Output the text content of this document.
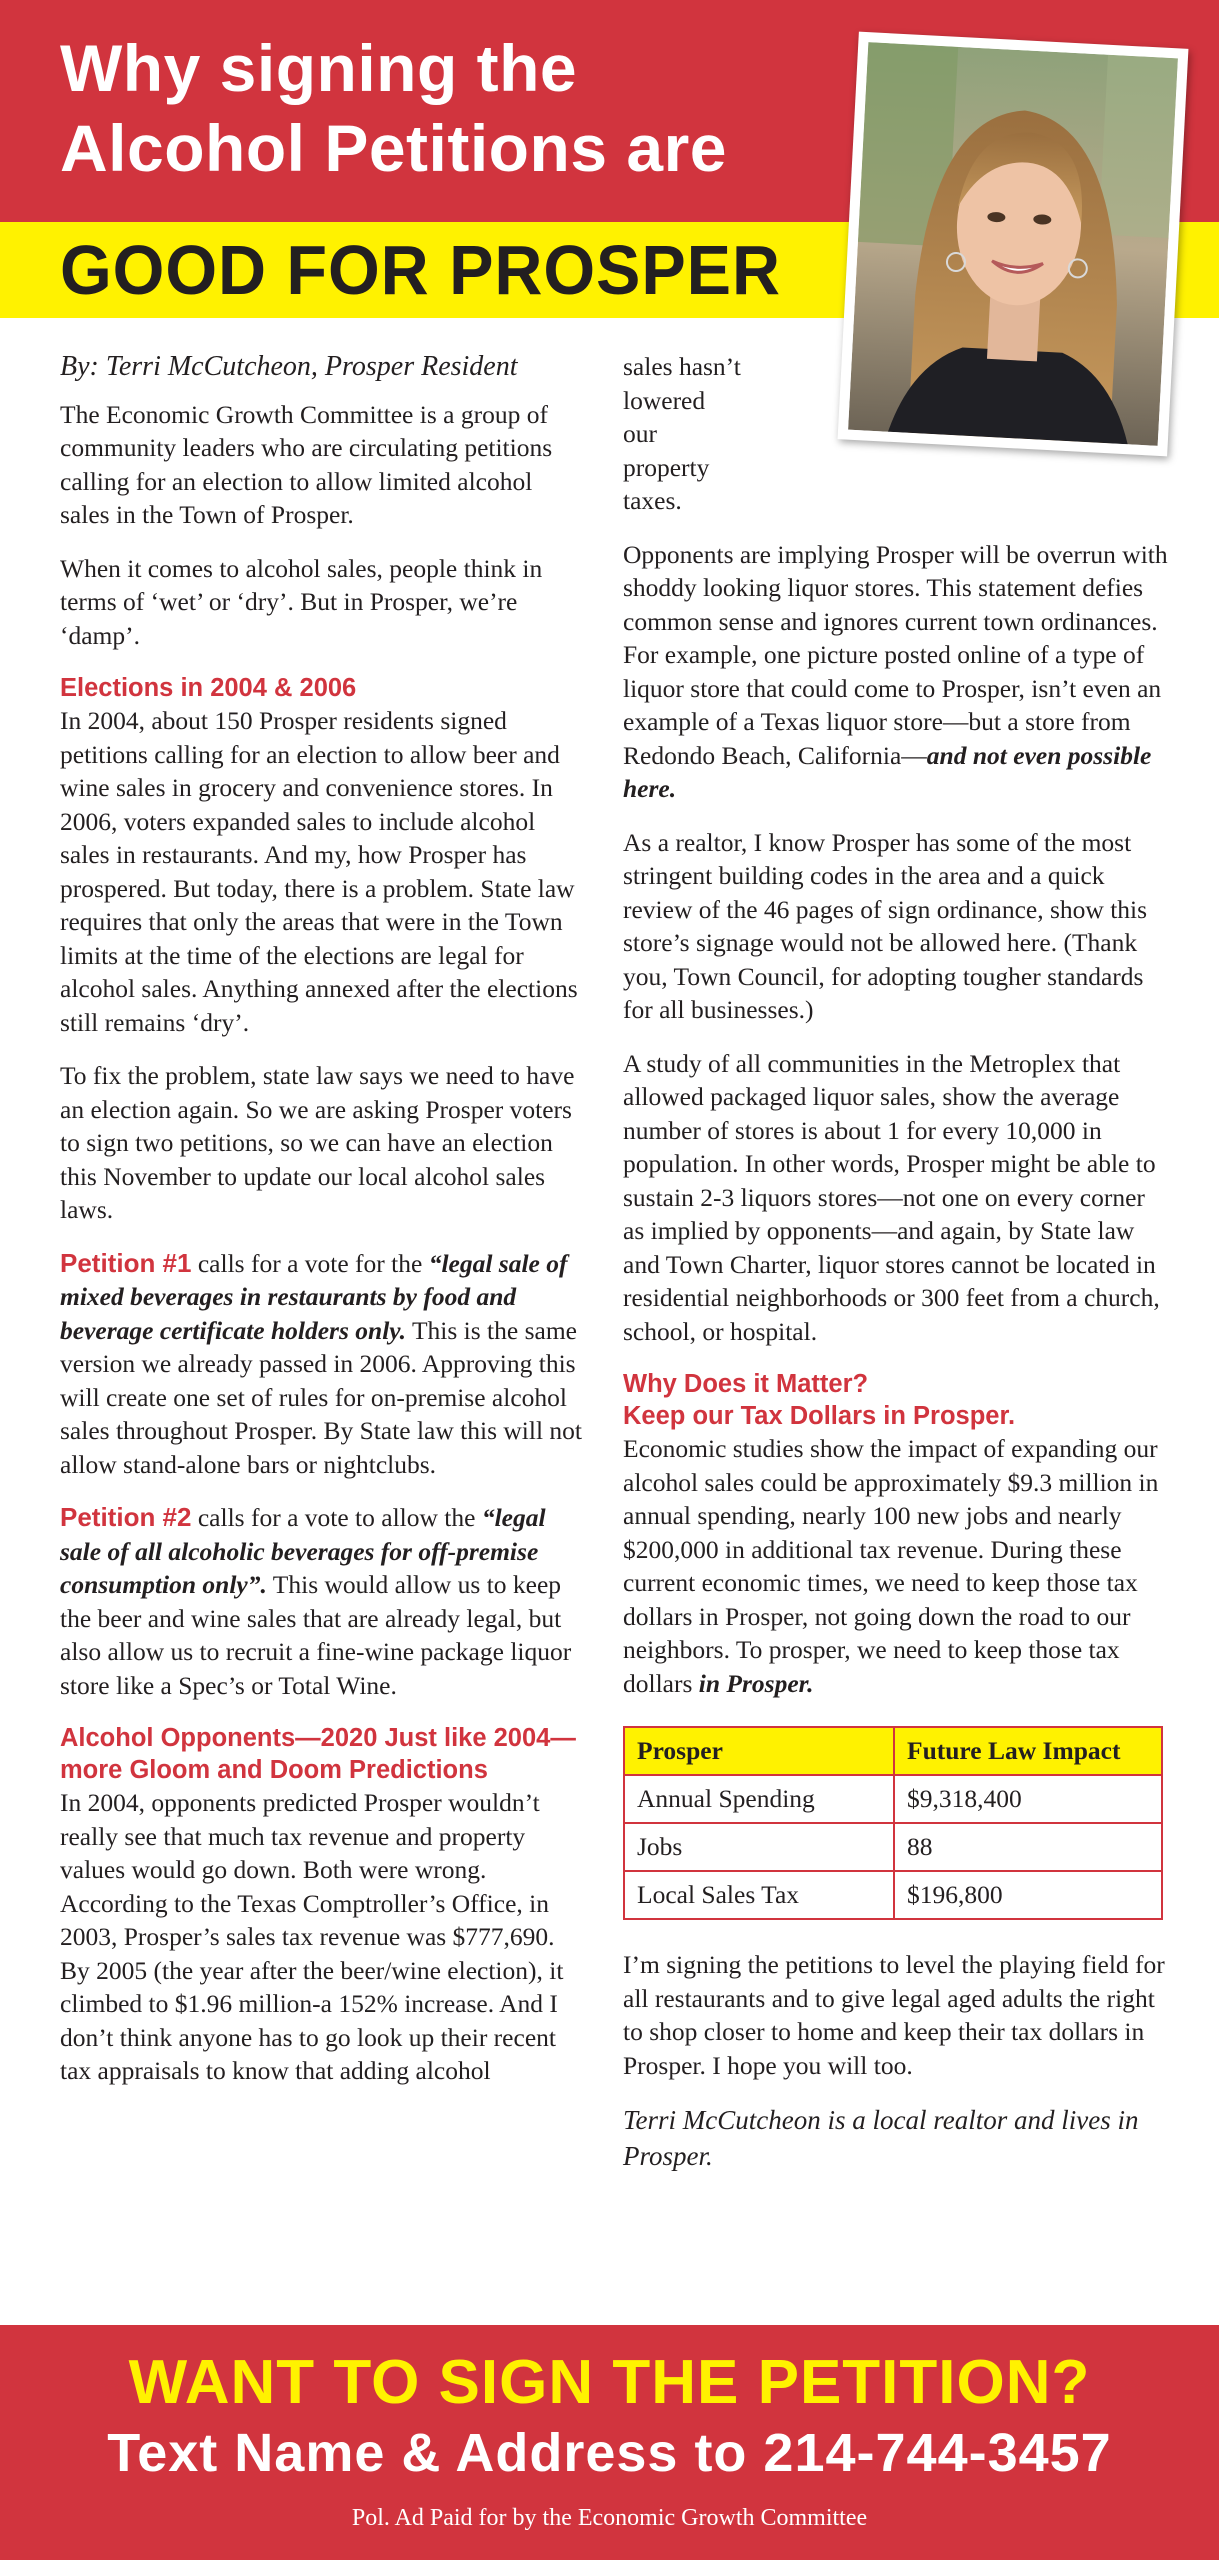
Why signing the
Alcohol Petitions are
GOOD FOR PROSPER
By: Terri McCutcheon, Prosper Resident

The Economic Growth Committee is a group of community leaders who are circulating petitions calling for an election to allow limited alcohol sales in the Town of Prosper.

When it comes to alcohol sales, people think in terms of ‘wet’ or ‘dry’. But in Prosper, we’re ‘damp’.

Elections in 2004 & 2006

In 2004, about 150 Prosper residents signed petitions calling for an election to allow beer and wine sales in grocery and convenience stores. In 2006, voters expanded sales to include alcohol sales in restaurants. And my, how Prosper has prospered. But today, there is a problem. State law requires that only the areas that were in the Town limits at the time of the elections are legal for alcohol sales. Anything annexed after the elections still remains ‘dry’.

To fix the problem, state law says we need to have an election again. So we are asking Prosper voters to sign two petitions, so we can have an election this November to update our local alcohol sales laws.

Petition #1 calls for a vote for the “legal sale of mixed beverages in restaurants by food and beverage certificate holders only. This is the same version we already passed in 2006. Approving this will create one set of rules for on-premise alcohol sales throughout Prosper. By State law this will not allow stand-alone bars or nightclubs.

Petition #2 calls for a vote to allow the “legal sale of all alcoholic beverages for off-premise consumption only”. This would allow us to keep the beer and wine sales that are already legal, but also allow us to recruit a fine-wine package liquor store like a Spec’s or Total Wine.

Alcohol Opponents—2020 Just like 2004—more Gloom and Doom Predictions

In 2004, opponents predicted Prosper wouldn’t really see that much tax revenue and property values would go down. Both were wrong. According to the Texas Comptroller’s Office, in 2003, Prosper’s sales tax revenue was $777,690. By 2005 (the year after the beer/wine election), it climbed to $1.96 million-a 152% increase. And I don’t think anyone has to go look up their recent tax appraisals to know that adding alcohol

sales hasn’t lowered our property taxes.

Opponents are implying Prosper will be overrun with shoddy looking liquor stores. This statement defies common sense and ignores current town ordinances. For example, one picture posted online of a type of liquor store that could come to Prosper, isn’t even an example of a Texas liquor store—but a store from Redondo Beach, California—and not even possible here.

As a realtor, I know Prosper has some of the most stringent building codes in the area and a quick review of the 46 pages of sign ordinance, show this store’s signage would not be allowed here. (Thank you, Town Council, for adopting tougher standards for all businesses.)

A study of all communities in the Metroplex that allowed packaged liquor sales, show the average number of stores is about 1 for every 10,000 in population. In other words, Prosper might be able to sustain 2-3 liquors stores—not one on every corner as implied by opponents—and again, by State law and Town Charter, liquor stores cannot be located in residential neighborhoods or 300 feet from a church, school, or hospital.

Why Does it Matter?
Keep our Tax Dollars in Prosper.

Economic studies show the impact of expanding our alcohol sales could be approximately $9.3 million in annual spending, nearly 100 new jobs and nearly $200,000 in additional tax revenue. During these current economic times, we need to keep those tax dollars in Prosper, not going down the road to our neighbors. To prosper, we need to keep those tax dollars in Prosper.

Prosper	Future Law Impact
Annual Spending	$9,318,400
Jobs	88
Local Sales Tax	$196,800

I’m signing the petitions to level the playing field for all restaurants and to give legal aged adults the right to shop closer to home and keep their tax dollars in Prosper. I hope you will too.

Terri McCutcheon is a local realtor and lives in Prosper.

WANT TO SIGN THE PETITION?
Text Name & Address to 214-744-3457
Pol. Ad Paid for by the Economic Growth Committee
